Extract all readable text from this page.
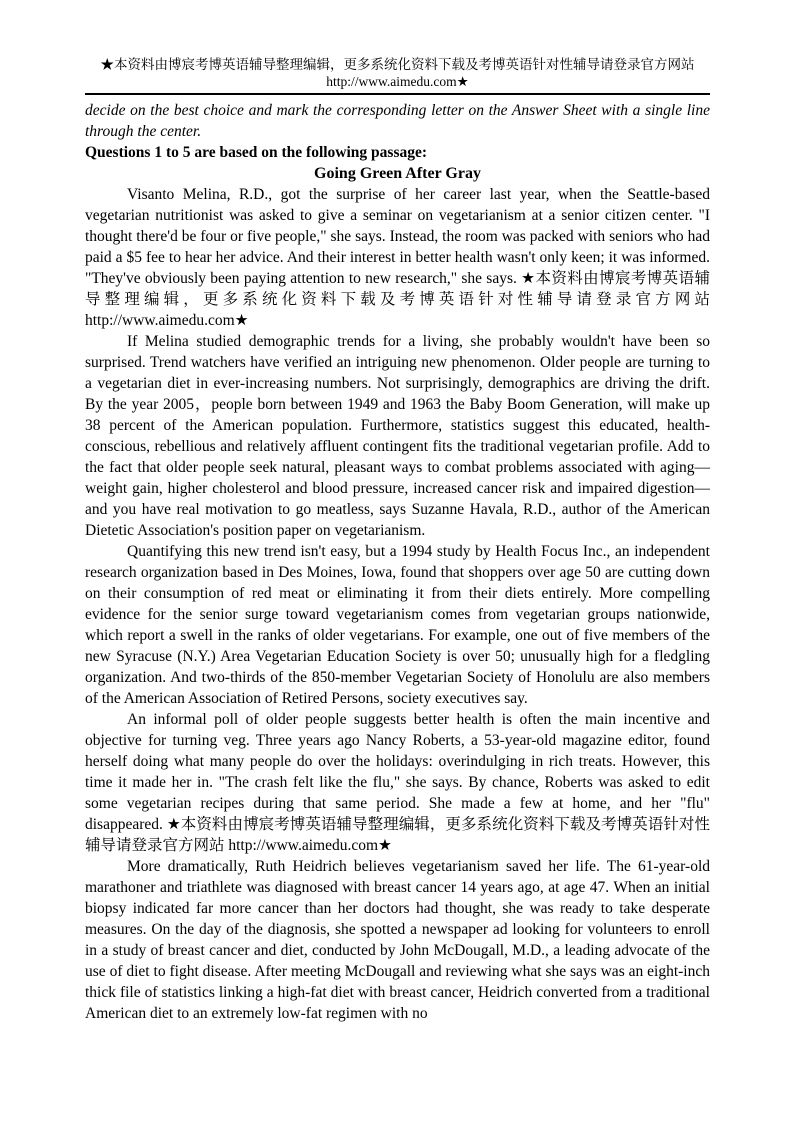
★本资料由博宸考博英语辅导整理编辑，更多系统化资料下载及考博英语针对性辅导请登录官方网站
http://www.aimedu.com★

decide on the best choice and mark the corresponding letter on the Answer Sheet with a single line through the center.

Questions 1 to 5 are based on the following passage:

Going Green After Gray

Visanto Melina, R.D., got the surprise of her career last year, when the Seattle-based vegetarian nutritionist was asked to give a seminar on vegetarianism at a senior citizen center. "I thought there'd be four or five people," she says. Instead, the room was packed with seniors who had paid a $5 fee to hear her advice. And their interest in better health wasn't only keen; it was informed. "They've obviously been paying attention to new research," she says. ★本资料由博宸考博英语辅导整理编辑，更多系统化资料下载及考博英语针对性辅导请登录官方网站 http://www.aimedu.com★

If Melina studied demographic trends for a living, she probably wouldn't have been so surprised. Trend watchers have verified an intriguing new phenomenon. Older people are turning to a vegetarian diet in ever-increasing numbers. Not surprisingly, demographics are driving the drift. By the year 2005，people born between 1949 and 1963 the Baby Boom Generation, will make up 38 percent of the American population. Furthermore, statistics suggest this educated, health-conscious, rebellious and relatively affluent contingent fits the traditional vegetarian profile. Add to the fact that older people seek natural, pleasant ways to combat problems associated with aging—weight gain, higher cholesterol and blood pressure, increased cancer risk and impaired digestion—and you have real motivation to go meatless, says Suzanne Havala, R.D., author of the American Dietetic Association's position paper on vegetarianism.

Quantifying this new trend isn't easy, but a 1994 study by Health Focus Inc., an independent research organization based in Des Moines, Iowa, found that shoppers over age 50 are cutting down on their consumption of red meat or eliminating it from their diets entirely. More compelling evidence for the senior surge toward vegetarianism comes from vegetarian groups nationwide, which report a swell in the ranks of older vegetarians. For example, one out of five members of the new Syracuse (N.Y.) Area Vegetarian Education Society is over 50; unusually high for a fledgling organization. And two-thirds of the 850-member Vegetarian Society of Honolulu are also members of the American Association of Retired Persons, society executives say.

An informal poll of older people suggests better health is often the main incentive and objective for turning veg. Three years ago Nancy Roberts, a 53-year-old magazine editor, found herself doing what many people do over the holidays: overindulging in rich treats. However, this time it made her in. "The crash felt like the flu," she says. By chance, Roberts was asked to edit some vegetarian recipes during that same period. She made a few at home, and her "flu" disappeared. ★本资料由博宸考博英语辅导整理编辑，更多系统化资料下载及考博英语针对性辅导请登录官方网站 http://www.aimedu.com★

More dramatically, Ruth Heidrich believes vegetarianism saved her life. The 61-year-old marathoner and triathlete was diagnosed with breast cancer 14 years ago, at age 47. When an initial biopsy indicated far more cancer than her doctors had thought, she was ready to take desperate measures. On the day of the diagnosis, she spotted a newspaper ad looking for volunteers to enroll in a study of breast cancer and diet, conducted by John McDougall, M.D., a leading advocate of the use of diet to fight disease. After meeting McDougall and reviewing what she says was an eight-inch thick file of statistics linking a high-fat diet with breast cancer, Heidrich converted from a traditional American diet to an extremely low-fat regimen with no
